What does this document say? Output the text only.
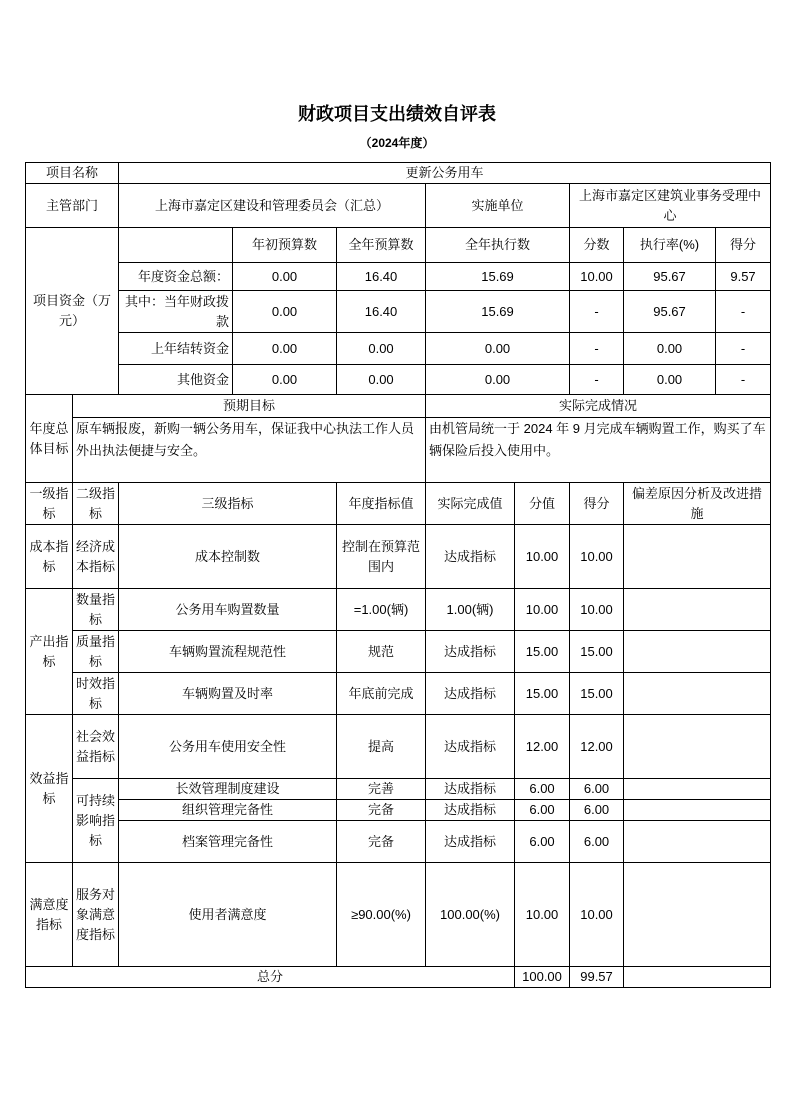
财政项目支出绩效自评表
（2024年度）
项目名称		更新公务用车							
主管部门		上海市嘉定区建设和管理委员会（汇总）			实施单位		上海市嘉定区建筑业事务受理中心		
项目资金（万元）			年初预算数	全年预算数	全年执行数		分数	执行率(%)	得分
		年度资金总额：	0.00	16.40	15.69		10.00	95.67	9.57
		其中：当年财政拨款	0.00	16.40	15.69		-	95.67	-
		上年结转资金	0.00	0.00	0.00		-	0.00	-
		其他资金	0.00	0.00	0.00		-	0.00	-
年度总体目标	预期目标				实际完成情况				
	原车辆报废，新购一辆公务用车，保证我中心执法工作人员外出执法便捷与安全。				由机管局统一于 2024 年 9 月完成车辆购置工作，购买了车辆保险后投入使用中。				
一级指标	二级指标	三级指标		年度指标值	实际完成值	分值	得分	偏差原因分析及改进措施	
成本指标	经济成本指标	成本控制数		控制在预算范围内	达成指标	10.00	10.00		
产出指标	数量指标	公务用车购置数量		=1.00(辆)	1.00(辆)	10.00	10.00		
	质量指标	车辆购置流程规范性		规范	达成指标	15.00	15.00		
	时效指标	车辆购置及时率		年底前完成	达成指标	15.00	15.00		
效益指标	社会效益指标	公务用车使用安全性		提高	达成指标	12.00	12.00		
	可持续影响指标	长效管理制度建设		完善	达成指标	6.00	6.00		
		组织管理完备性		完备	达成指标	6.00	6.00		
		档案管理完备性		完备	达成指标	6.00	6.00		
满意度指标	服务对象满意度指标	使用者满意度		≥90.00(%)	100.00(%)	10.00	10.00		
总分						100.00	99.57		
